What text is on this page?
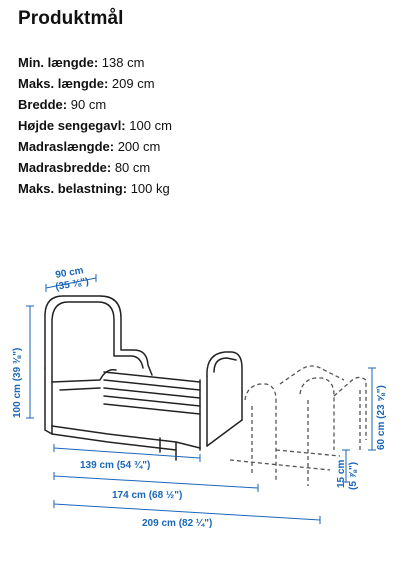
Produktmål
Min. længde: 138 cm
Maks. længde: 209 cm
Bredde: 90 cm
Højde sengegavl: 100 cm
Madraslængde: 200 cm
Madrasbredde: 80 cm
Maks. belastning: 100 kg
90 cm
(35 ⅜")
100 cm (39 ⅜")
139 cm (54 ¾")
174 cm (68 ½")
209 cm (82 ¼")
60 cm (23 ⅝")
15 cm (5 ⅞")
